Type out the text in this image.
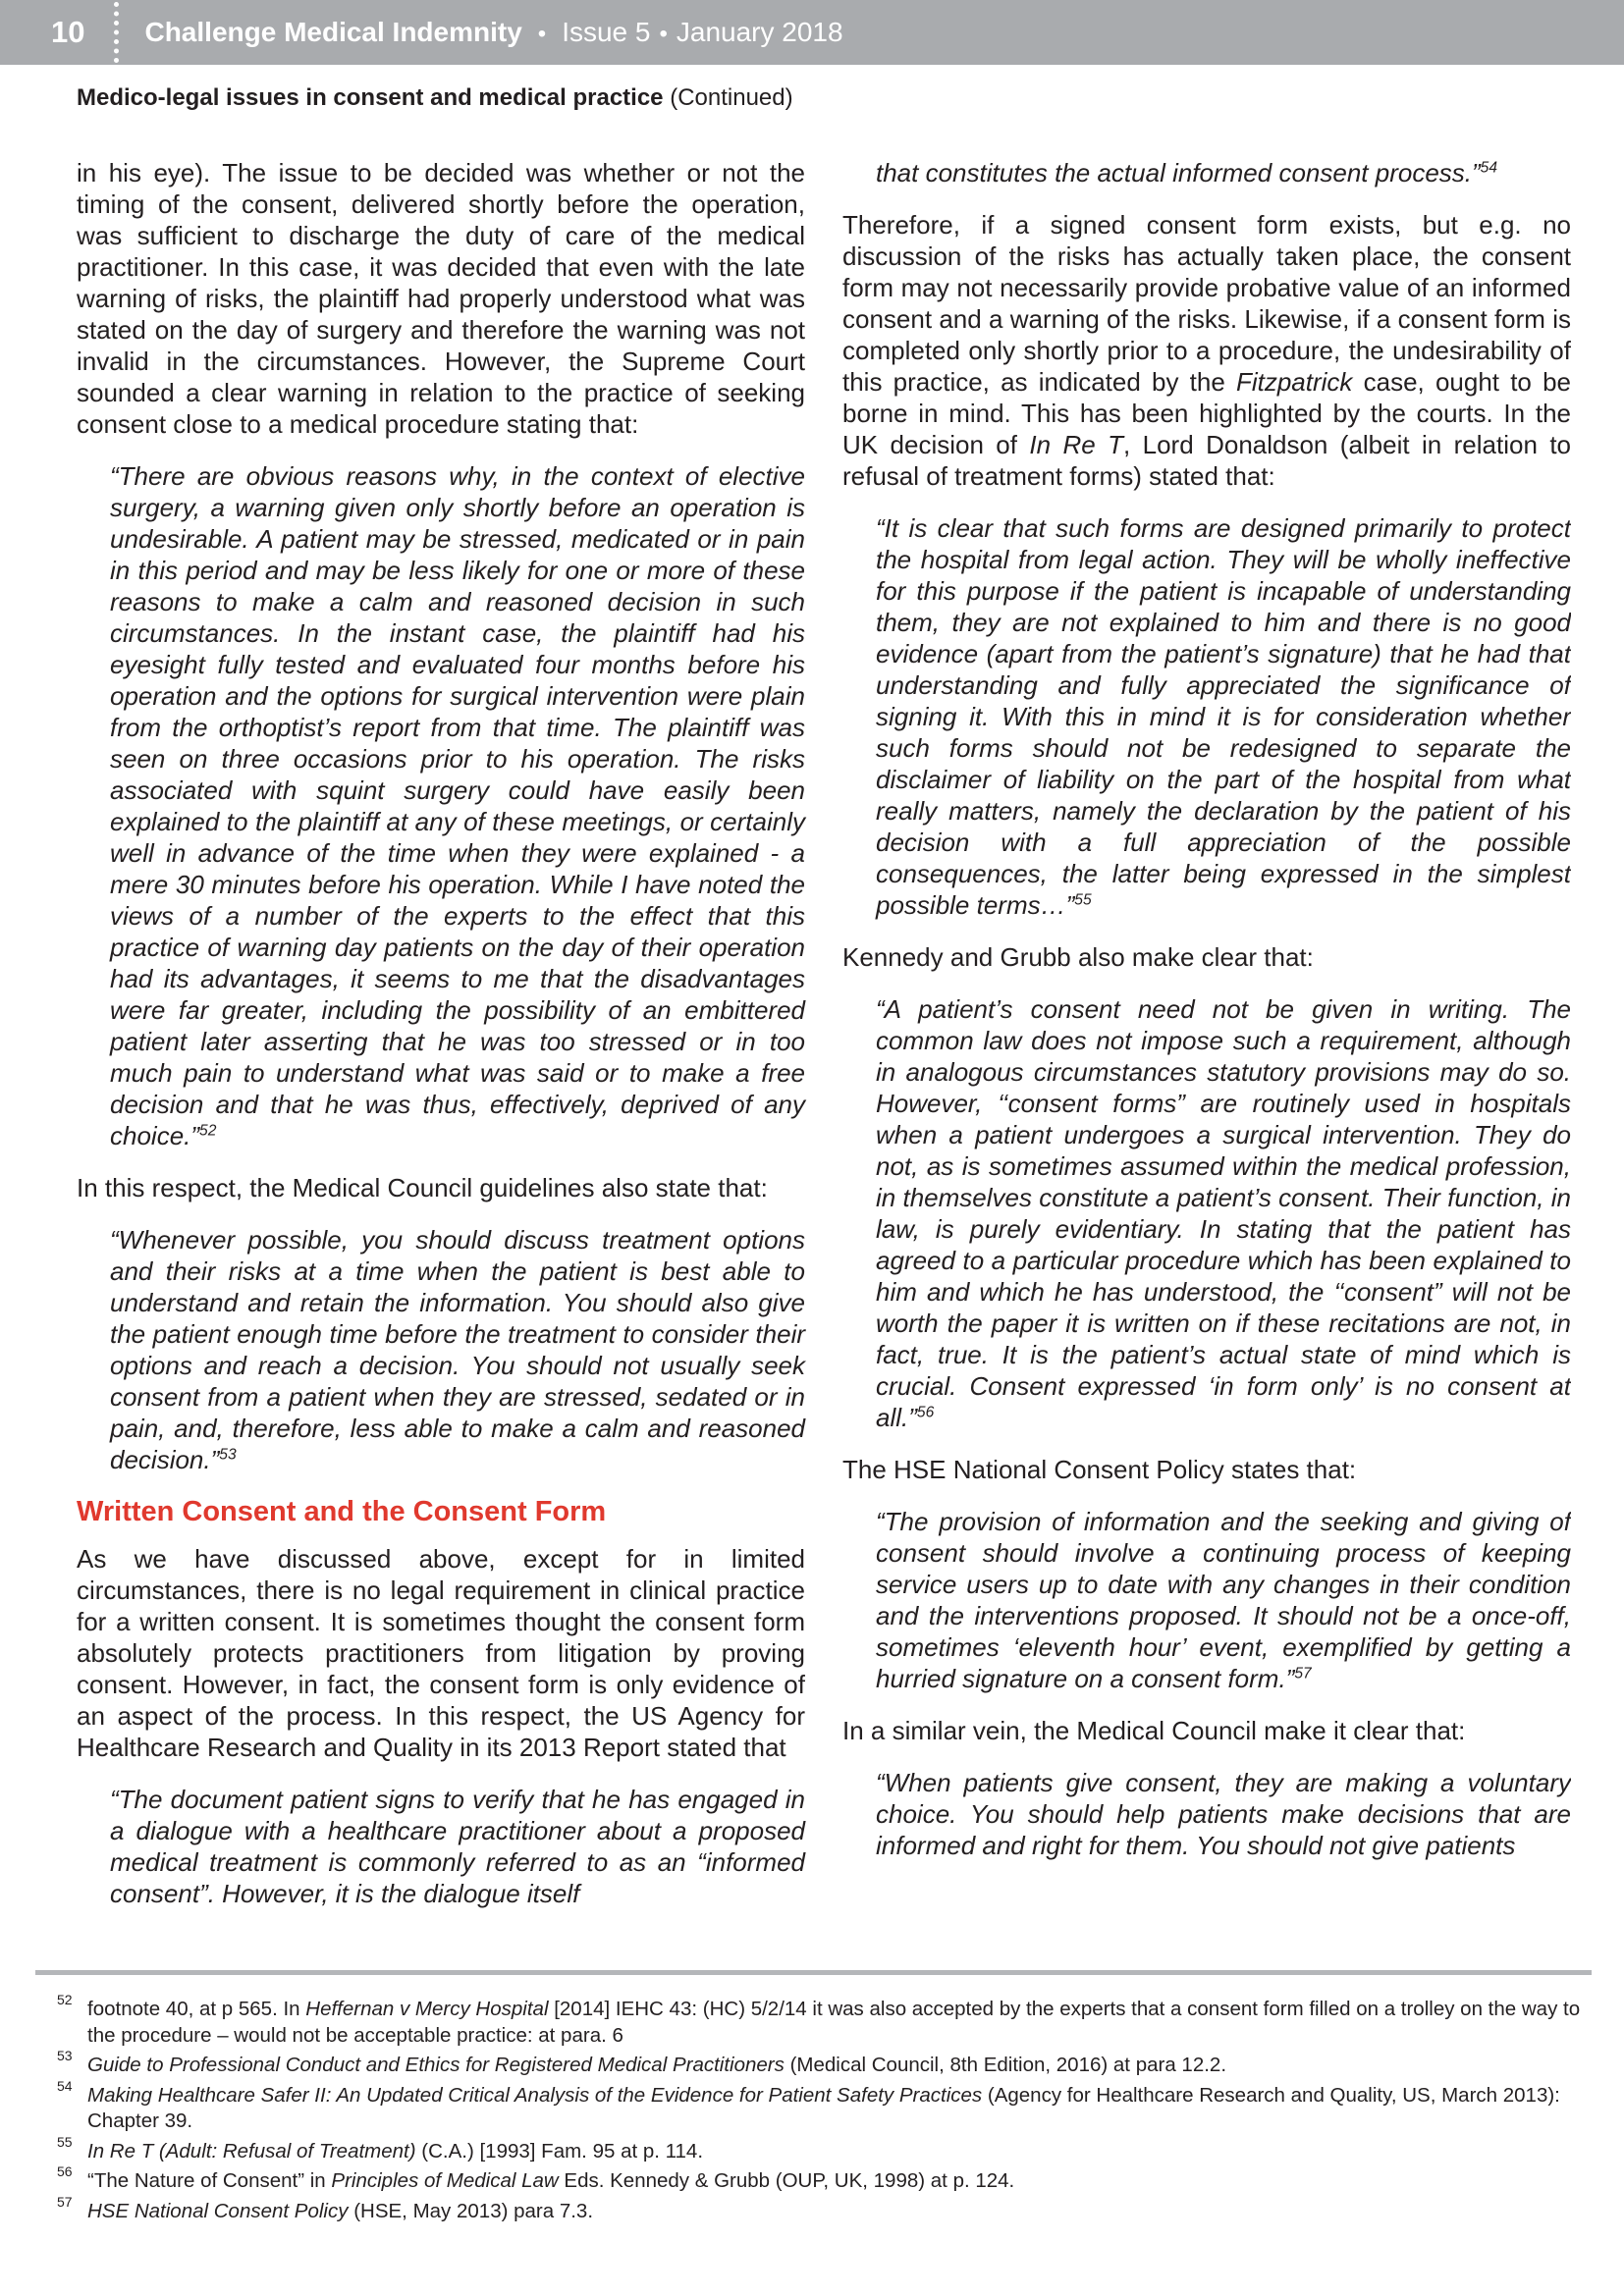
10 Challenge Medical Indemnity • Issue 5 • January 2018
Medico-legal issues in consent and medical practice (Continued)

in his eye). The issue to be decided was whether or not the timing of the consent, delivered shortly before the operation, was sufficient to discharge the duty of care of the medical practitioner. In this case, it was decided that even with the late warning of risks, the plaintiff had properly understood what was stated on the day of surgery and therefore the warning was not invalid in the circumstances. However, the Supreme Court sounded a clear warning in relation to the practice of seeking consent close to a medical procedure stating that:

“There are obvious reasons why, in the context of elective surgery, a warning given only shortly before an operation is undesirable. A patient may be stressed, medicated or in pain in this period and may be less likely for one or more of these reasons to make a calm and reasoned decision in such circumstances. In the instant case, the plaintiff had his eyesight fully tested and evaluated four months before his operation and the options for surgical intervention were plain from the orthoptist’s report from that time. The plaintiff was seen on three occasions prior to his operation. The risks associated with squint surgery could have easily been explained to the plaintiff at any of these meetings, or certainly well in advance of the time when they were explained - a mere 30 minutes before his operation. While I have noted the views of a number of the experts to the effect that this practice of warning day patients on the day of their operation had its advantages, it seems to me that the disadvantages were far greater, including the possibility of an embittered patient later asserting that he was too stressed or in too much pain to understand what was said or to make a free decision and that he was thus, effectively, deprived of any choice.”$^{52}$

In this respect, the Medical Council guidelines also state that:

“Whenever possible, you should discuss treatment options and their risks at a time when the patient is best able to understand and retain the information. You should also give the patient enough time before the treatment to consider their options and reach a decision. You should not usually seek consent from a patient when they are stressed, sedated or in pain, and, therefore, less able to make a calm and reasoned decision.”$^{53}$
Written Consent and the Consent Form

As we have discussed above, except for in limited circumstances, there is no legal requirement in clinical practice for a written consent. It is sometimes thought the consent form absolutely protects practitioners from litigation by proving consent. However, in fact, the consent form is only evidence of an aspect of the process. In this respect, the US Agency for Healthcare Research and Quality in its 2013 Report stated that

“The document patient signs to verify that he has engaged in a dialogue with a healthcare practitioner about a proposed medical treatment is commonly referred to as an “informed consent”. However, it is the dialogue itself
that constitutes the actual informed consent process.”$^{54}$

Therefore, if a signed consent form exists, but e.g. no discussion of the risks has actually taken place, the consent form may not necessarily provide probative value of an informed consent and a warning of the risks. Likewise, if a consent form is completed only shortly prior to a procedure, the undesirability of this practice, as indicated by the Fitzpatrick case, ought to be borne in mind. This has been highlighted by the courts. In the UK decision of In Re T, Lord Donaldson (albeit in relation to refusal of treatment forms) stated that:

“It is clear that such forms are designed primarily to protect the hospital from legal action. They will be wholly ineffective for this purpose if the patient is incapable of understanding them, they are not explained to him and there is no good evidence (apart from the patient’s signature) that he had that understanding and fully appreciated the significance of signing it. With this in mind it is for consideration whether such forms should not be redesigned to separate the disclaimer of liability on the part of the hospital from what really matters, namely the declaration by the patient of his decision with a full appreciation of the possible consequences, the latter being expressed in the simplest possible terms…”$^{55}$

Kennedy and Grubb also make clear that:

“A patient’s consent need not be given in writing. The common law does not impose such a requirement, although in analogous circumstances statutory provisions may do so. However, ‘‘consent forms” are routinely used in hospitals when a patient undergoes a surgical intervention. They do not, as is sometimes assumed within the medical profession, in themselves constitute a patient’s consent. Their function, in law, is purely evidentiary. In stating that the patient has agreed to a particular procedure which has been explained to him and which he has understood, the ‘‘consent” will not be worth the paper it is written on if these recitations are not, in fact, true. It is the patient’s actual state of mind which is crucial. Consent expressed ‘in form only’ is no consent at all.”$^{56}$

The HSE National Consent Policy states that:

“The provision of information and the seeking and giving of consent should involve a continuing process of keeping service users up to date with any changes in their condition and the interventions proposed. It should not be a once-off, sometimes ‘eleventh hour’ event, exemplified by getting a hurried signature on a consent form.”$^{57}$

In a similar vein, the Medical Council make it clear that:

“When patients give consent, they are making a voluntary choice. You should help patients make decisions that are informed and right for them. You should not give patients
52 footnote 40, at p 565. In Heffernan v Mercy Hospital [2014] IEHC 43: (HC) 5/2/14 it was also accepted by the experts that a consent form filled on a trolley on the way to the procedure – would not be acceptable practice: at para. 6
53 Guide to Professional Conduct and Ethics for Registered Medical Practitioners (Medical Council, 8th Edition, 2016) at para 12.2.
54 Making Healthcare Safer II: An Updated Critical Analysis of the Evidence for Patient Safety Practices (Agency for Healthcare Research and Quality, US, March 2013): Chapter 39.
55 In Re T (Adult: Refusal of Treatment) (C.A.) [1993] Fam. 95 at p. 114.
56 “The Nature of Consent” in Principles of Medical Law Eds. Kennedy & Grubb (OUP, UK, 1998) at p. 124.
57 HSE National Consent Policy (HSE, May 2013) para 7.3.
